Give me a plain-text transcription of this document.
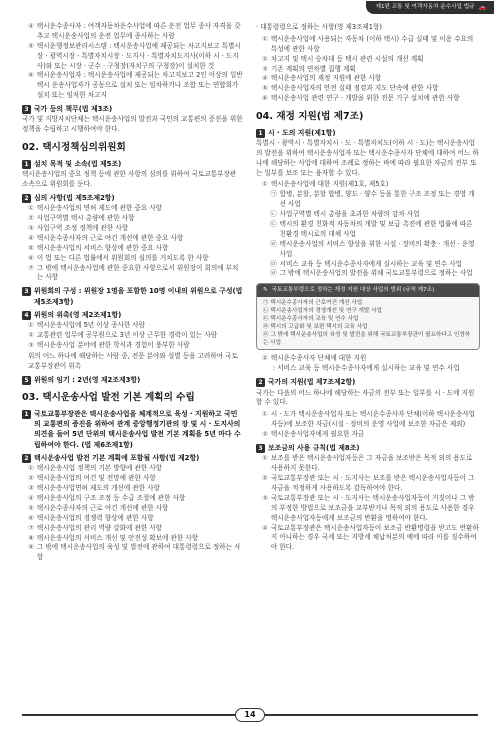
제1편 교통 및 여객자동차 운수사업 법규 🚗
④ 택시운수종사자 : 여객자동차운수사업에 따른 운전 업무 종사 자격을 갖추고 택시운송사업의 운전 업무에 종사하는 사람
⑤ 택시운행정보관리시스템 : 택시운송사업에 제공되는 차고지보고 특별시장 · 광역시장 · 특별자치시장 · 도지사 · 특별자치도지사(이하 시 · 도지사)와 또는 시장 · 군수 · 구청장(자치구의 구청장)이 설치한 것
⑥ 택시운송사업자 : 택시운송사업에 제공되는 차고지보고 2인 이상의 일반택시 운송사업자가 공동으로 설치 또는 임차하거나 조합 또는 연합회가 설치 또는 임차한 차고지
3 국가 등의 책무(법 제3조)
국가 및 지방자치단체는 택시운송사업의 발전과 국민의 교통편의 증진을 위한 정책을 수립하고 시행하여야 한다.
02. 택시정책심의위원회
1 설치 목적 및 소속(법 제5조)
택시운송사업의 중요 정책 등에 관한 사항의 심의를 위하여 국토교통부장관 소속으로 위원회를 둔다.
2 심의 사항(법 제5조제2항)
① 택시운송사업의 면허 제도에 관한 중요 사항
② 사업구역별 택시 총량에 관한 사항
③ 사업구역 조정 정책에 관한 사항
④ 택시운수종사자의 근로 여건 개선에 관한 중요 사항
⑤ 택시운송사업의 서비스 향상에 관한 중요 사항
⑥ 이 법 또는 다른 법률에서 위원회의 심의를 거치도록 한 사항
⑦ 그 밖에 택시운송사업에 관한 중요한 사항으로서 위원장이 회의에 부치는 사항
3 위원회의 구성 : 위원장 1명을 포함한 10명 이내의 위원으로 구성(법 제5조제3항)
4 위원의 위촉(영 제2조제1항)
① 택시운송사업에 5년 이상 종사한 사람
② 교통관련 업무에 공무원으로 3년 이상 근무한 경력이 있는 사람
③ 택시운송사업 분야에 관한 학식과 경험이 풍부한 사람
위의 어느 하나에 해당하는 사람 중, 전문 분야와 성별 등을 고려하여 국토교통부장관이 위촉
5 위원의 임기 : 2년(영 제2조제3항)
03. 택시운송사업 발전 기본 계획의 수립
1 국토교통부장관은 택시운송사업을 체계적으로 육성 · 지원하고 국민의 교통편의 증진을 위하여 관계 중앙행정기관의 장 및 시 · 도지사의 의견을 들어 5년 단위의 택시운송사업 발전 기본 계획을 5년 마다 수립하여야 한다. (법 제6조제1항)
2 택시운송사업 발전 기본 계획에 포함될 사항(법 제2항)
① 택시운송사업 정책의 기본 방향에 관한 사항
② 택시운송사업의 여건 및 전망에 관한 사항
③ 택시운송사업면허 제도의 개선에 관한 사항
④ 택시운송사업의 구조 조정 등 수급 조절에 관한 사항
⑤ 택시운수종사자의 근로 여건 개선에 관한 사항
⑥ 택시운송사업의 경쟁력 향상에 관한 사항
⑦ 택시운송사업의 관리 역량 강화에 관한 사항
⑧ 택시운송사업의 서비스 개선 및 안전성 확보에 관한 사항
⑨ 그 밖에 택시운송사업의 육성 및 발전에 관하여 대통령령으로 정하는 사항
· 대통령령으로 정하는 사항(영 제3조제1항)
① 택시운송사업에 사용되는 자동차 (이하 택시) 수급 실태 및 이용 수요의 특성에 관한 사항
② 차고지 및 택시 승차대 등 택시 관련 시설의 개선 계획
③ 기존 계획의 연차별 집행 계획
④ 택시운송사업의 재정 지원에 관한 사항
⑤ 택시운송사업자의 안전 실태 점검과 지도 단속에 관한 사항
⑥ 택시운송사업 관련 연구 · 개발을 위한 전문 기구 설치에 관한 사항
04. 재정 지원(법 제7조)
1 시 · 도의 지원(제1항)
특별시 · 광역시 · 특별자치시 · 도 · 특별자치도(이하 시 · 도)는 택시운송사업의 발전을 위하여 택시운송사업자 또는 택시운수종사자 단체에 대하여 어느 하나에 해당하는 사업에 대하여 조례로 정하는 바에 따라 필요한 자금의 전부 또는 일부를 보조 또는 융자할 수 있다.
① 택시운송사업에 대한 지원(제1호, 제5호)
㉠ 합병, 분할, 분할 합병, 양도 · 양수 등을 통한 구조 조정 또는 경영 개선 사업
㉡ 사업구역별 택시 총량을 초과한 차량의 감차 사업
㉢ 택시의 환경 친화적 자동차의 개발 및 보급 촉진에 관한 법률에 따른 친환경 택시로의 대체 사업
㉣ 택시운송사업의 서비스 향상을 위한 시설 · 장비의 확충 · 개선 · 운영 사업
㉤ 서비스 교육 등 택시운수종사자에게 실시하는 교육 및 연수 사업
㉥ 그 밖에 택시운송사업의 발전을 위해 국토교통부령으로 정하는 사업
✎ 국토교통부령으로 정하는 재정 지원 대상 사업의 범위 (규칙 제7조)
㉠ 택시운수종사자의 근로여건 개선 사업
㉡ 택시운송사업자의 경영개선 및 연구 개발 사업
㉢ 택시운수종사자의 교육 및 연수 사업
㉣ 택시의 고급화 및 보편 택시의 교육 사업
㉤ 그 밖에 택시운송사업의 육성 및 발전을 위해 국토교통부장관이 필요하다고 인정하는 사업
② 택시운수종사자 단체에 대한 지원
: 서비스 교육 등 택시운수종사자에게 실시하는 교육 및 연수 사업
2 국가의 지원(법 제7조제2항)
국가는 다음의 어느 하나에 해당하는 자금의 전부 또는 일부를 시 · 도에 지원할 수 있다.
① 시 · 도가 택시운송사업자 또는 택시운수종사자 단체(이하 택시운송사업자등)에 보조한 자금(시설 · 장비의 운영 사업에 보조한 자금은 제외)
② 택시운송사업자에게 필요한 자금
3 보조금의 사용 규칙(법 제8조)
① 보조를 받은 택시운송사업자등은 그 자금을 보조받은 목적 외의 용도로 사용하지 못한다.
② 국토교통부장관 또는 시 · 도지사는 보조를 받은 택시운송사업자등이 그 자금을 적정하게 사용하도록 감독하여야 한다.
③ 국토교통부장관 또는 시 · 도지사는 택시운송사업자등이 거짓이나 그 밖의 부정한 방법으로 보조금을 교부받거나 목적 외의 용도로 사용한 경우 택시운송사업자등에게 보조금의 반환을 명하여야 한다.
④ 국토교통부장관은 택시운송사업자등이 보조금 반환명령을 받고도 반환하지 아니하는 경우 국세 또는 지방세 체납처분의 예에 따라 이를 징수하여야 한다.
14
